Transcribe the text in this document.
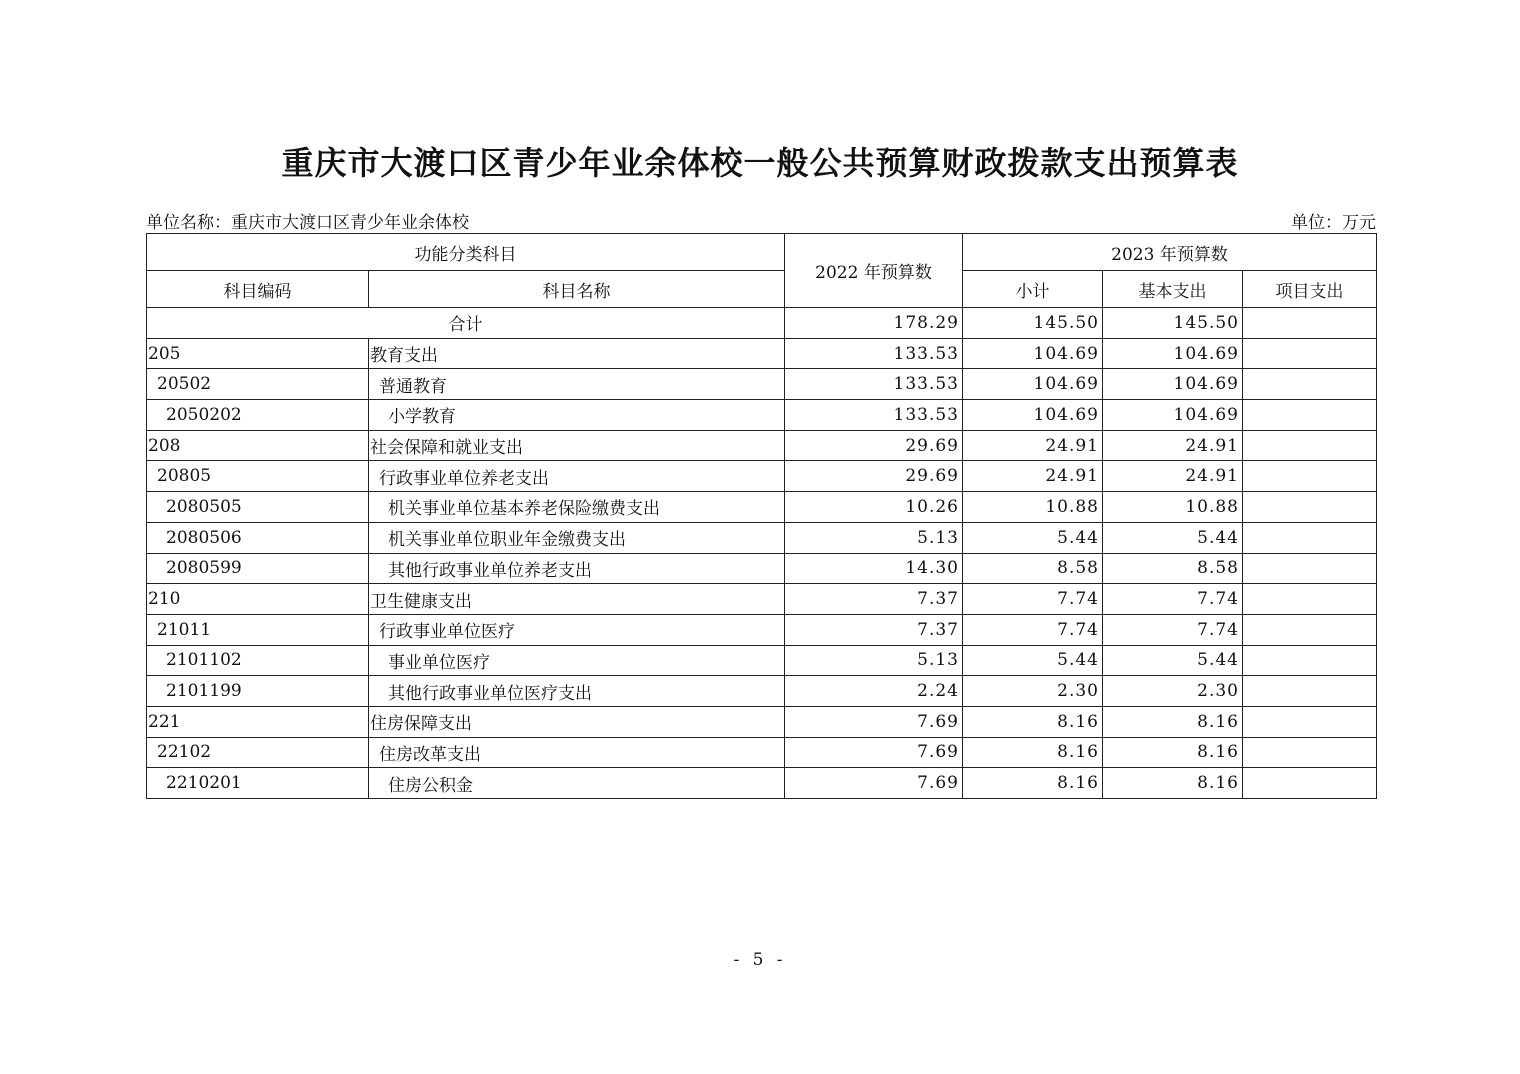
重庆市大渡口区青少年业余体校一般公共预算财政拨款支出预算表
单位名称：重庆市大渡口区青少年业余体校	单位：万元
功能分类科目		2022 年预算数	2023 年预算数		
科目编码	科目名称		小计	基本支出	项目支出
合计		178.29	145.50	145.50	
205	教育支出	133.53	104.69	104.69	
20502	普通教育	133.53	104.69	104.69	
2050202	小学教育	133.53	104.69	104.69	
208	社会保障和就业支出	29.69	24.91	24.91	
20805	行政事业单位养老支出	29.69	24.91	24.91	
2080505	机关事业单位基本养老保险缴费支出	10.26	10.88	10.88	
2080506	机关事业单位职业年金缴费支出	5.13	5.44	5.44	
2080599	其他行政事业单位养老支出	14.30	8.58	8.58	
210	卫生健康支出	7.37	7.74	7.74	
21011	行政事业单位医疗	7.37	7.74	7.74	
2101102	事业单位医疗	5.13	5.44	5.44	
2101199	其他行政事业单位医疗支出	2.24	2.30	2.30	
221	住房保障支出	7.69	8.16	8.16	
22102	住房改革支出	7.69	8.16	8.16	
2210201	住房公积金	7.69	8.16	8.16	
- 5 -
